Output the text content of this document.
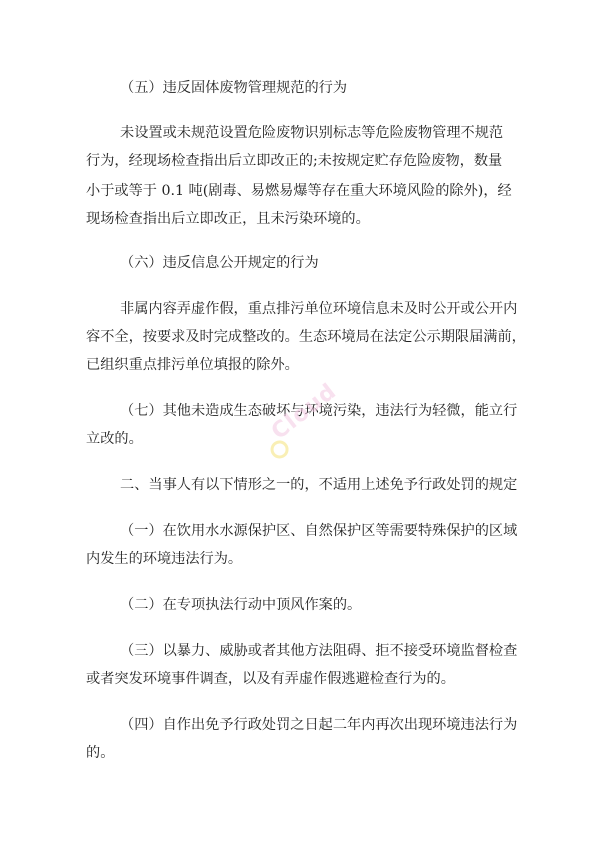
（五）违反固体废物管理规范的行为
未设置或未规范设置危险废物识别标志等危险废物管理不规范
行为，经现场检查指出后立即改正的;未按规定贮存危险废物，数量
小于或等于 0.1 吨(剧毒、易燃易爆等存在重大环境风险的除外)，经
现场检查指出后立即改正，且未污染环境的。
（六）违反信息公开规定的行为
非属内容弄虚作假，重点排污单位环境信息未及时公开或公开内
容不全，按要求及时完成整改的。生态环境局在法定公示期限届满前，
已组织重点排污单位填报的除外。
（七）其他未造成生态破坏与环境污染，违法行为轻微，能立行
立改的。
二、当事人有以下情形之一的，不适用上述免予行政处罚的规定
（一）在饮用水水源保护区、自然保护区等需要特殊保护的区域
内发生的环境违法行为。
（二）在专项执法行动中顶风作案的。
（三）以暴力、威胁或者其他方法阻碍、拒不接受环境监督检查
或者突发环境事件调查，以及有弄虚作假逃避检查行为的。
（四）自作出免予行政处罚之日起二年内再次出现环境违法行为
的。
Cloud
